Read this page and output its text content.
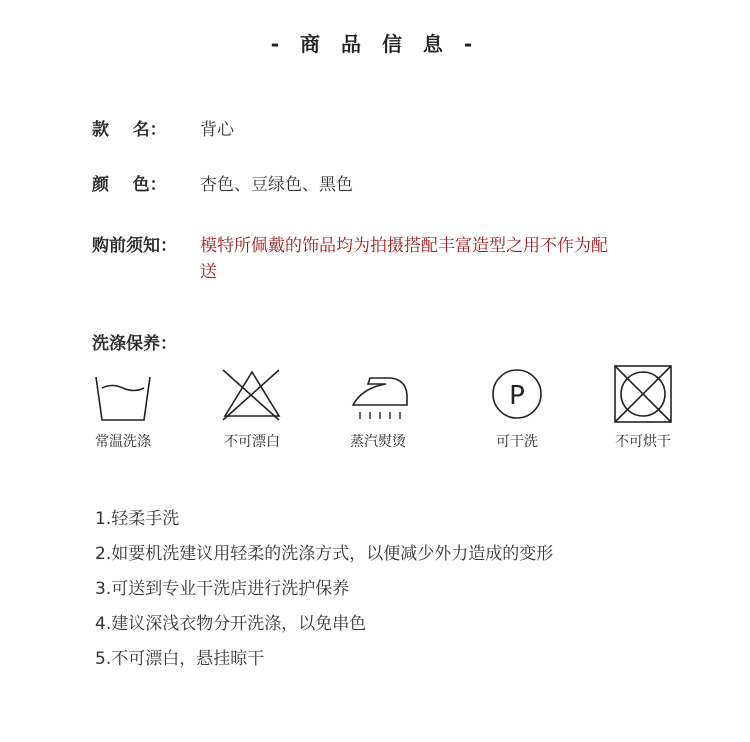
- 商 品 信 息 -
款    名： 背心
颜    色： 杏色、豆绿色、黑色
购前须知： 模特所佩戴的饰品均为拍摄搭配丰富造型之用不作为配送
洗涤保养：
常温洗涤	不可漂白	蒸汽熨烫
P
可干洗	不可烘干
1.轻柔手洗
2.如要机洗建议用轻柔的洗涤方式，以便减少外力造成的变形
3.可送到专业干洗店进行洗护保养
4.建议深浅衣物分开洗涤，以免串色
5.不可漂白，悬挂晾干
